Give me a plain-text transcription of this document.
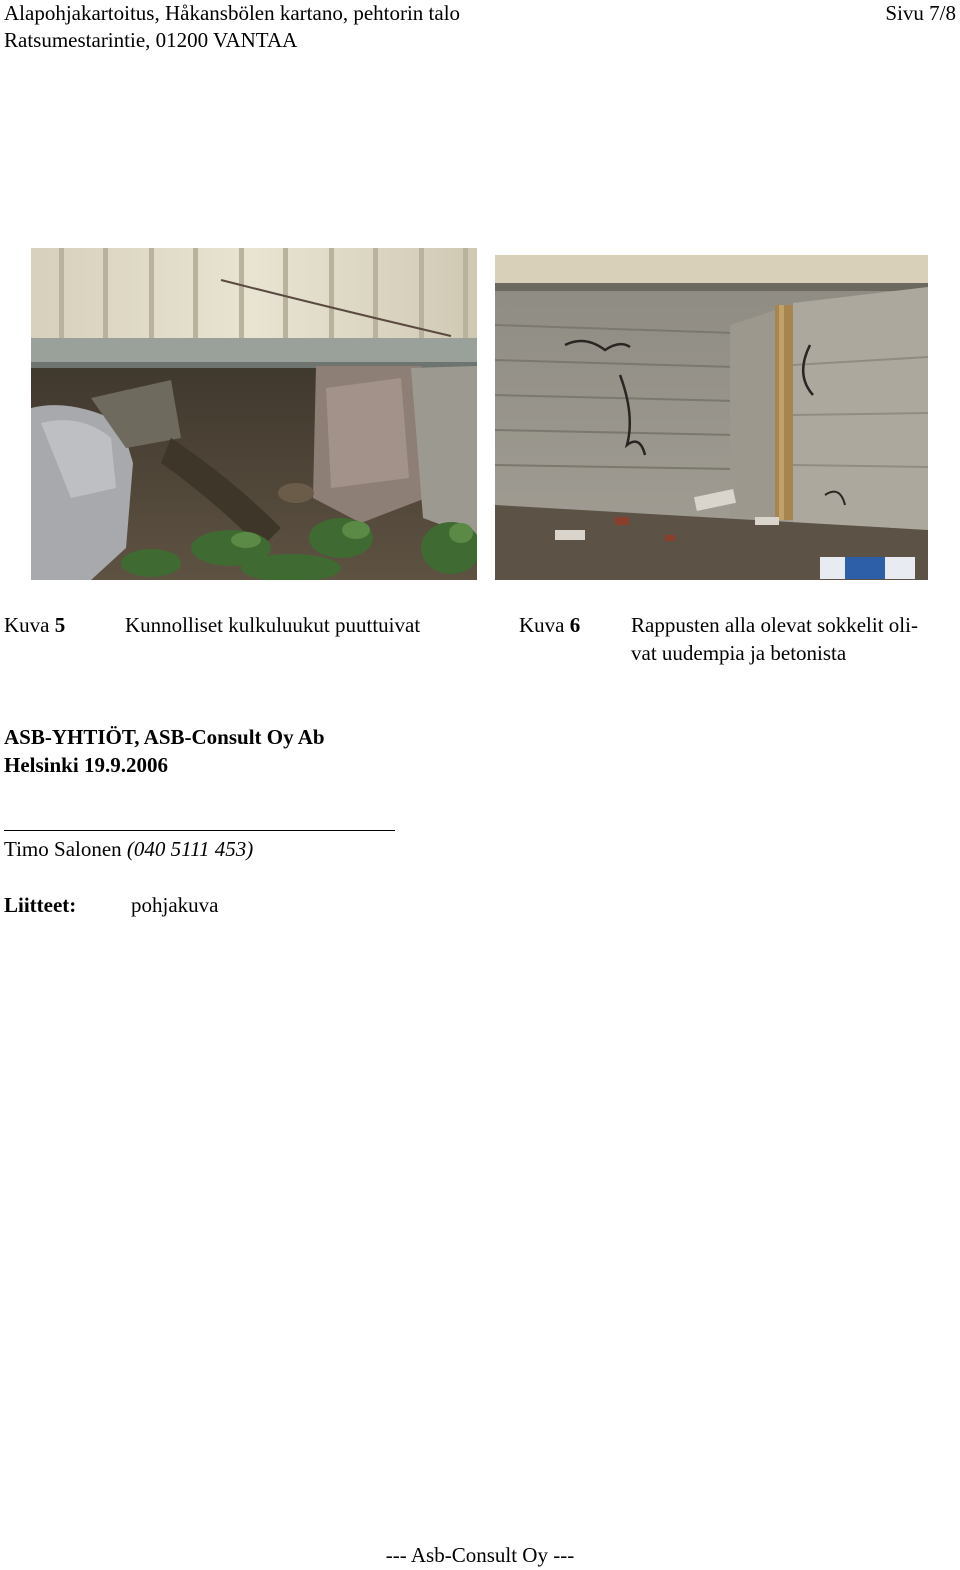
Alapohjakartoitus, Håkansbölen kartano, pehtorin talo
Ratsumestarintie, 01200 VANTAA
Sivu 7/8
Kuva 5	Kunnolliset kulkuluukut puuttuivat	Kuva 6 Rappusten alla olevat sokkelit oli-
vat uudempia ja betonista
ASB-YHTIÖT, ASB-Consult Oy Ab
Helsinki 19.9.2006
Timo Salonen (040 5111 453)
Liitteet:	pohjakuva
--- Asb-Consult Oy ---
